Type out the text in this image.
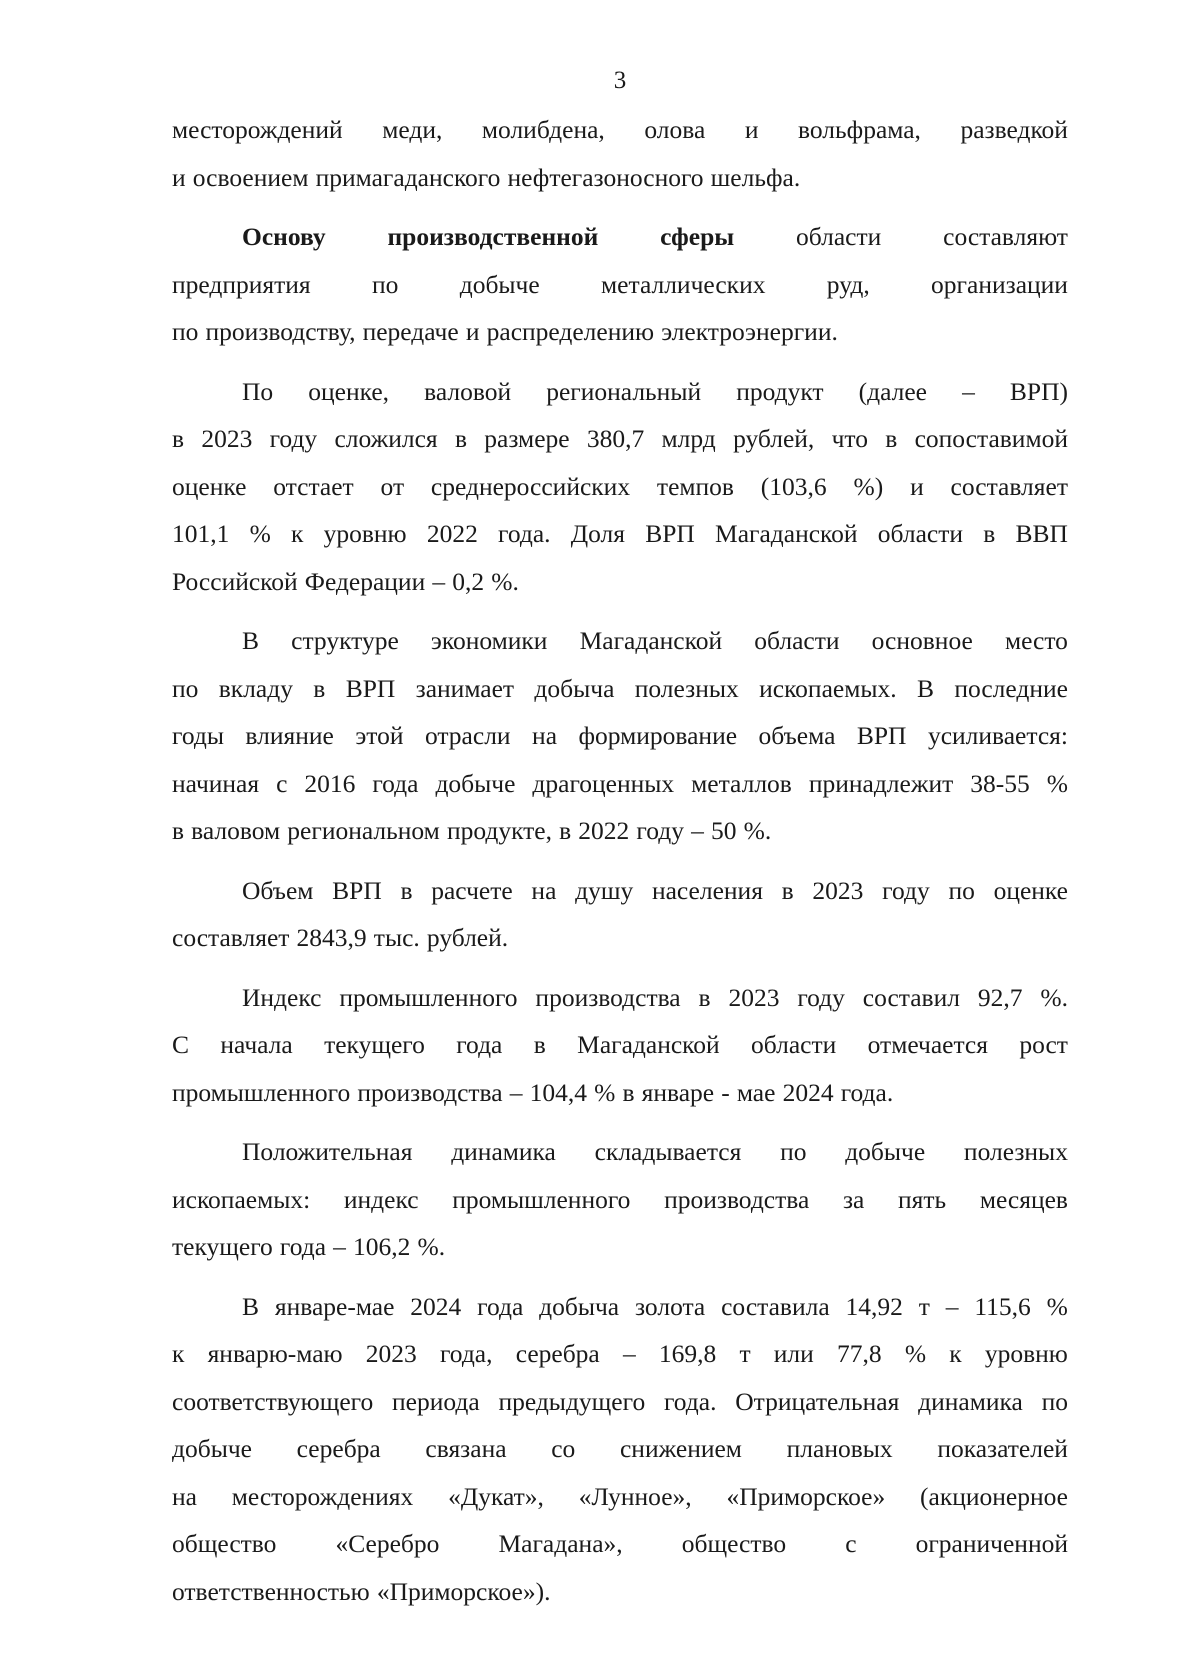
3
месторождений меди, молибдена, олова и вольфрама, разведкой
и освоением примагаданского нефтегазоносного шельфа.
Основу производственной сферы области составляют
предприятия по добыче металлических руд, организации
по производству, передаче и распределению электроэнергии.
По оценке, валовой региональный продукт (далее – ВРП)
в 2023 году сложился в размере 380,7 млрд рублей, что в сопоставимой
оценке отстает от среднероссийских темпов (103,6 %) и составляет
101,1 % к уровню 2022 года. Доля ВРП Магаданской области в ВВП
Российской Федерации – 0,2 %.
В структуре экономики Магаданской области основное место
по вкладу в ВРП занимает добыча полезных ископаемых. В последние
годы влияние этой отрасли на формирование объема ВРП усиливается:
начиная с 2016 года добыче драгоценных металлов принадлежит 38-55 %
в валовом региональном продукте, в 2022 году – 50 %.
Объем ВРП в расчете на душу населения в 2023 году по оценке
составляет 2843,9 тыс. рублей.
Индекс промышленного производства в 2023 году составил 92,7 %.
С начала текущего года в Магаданской области отмечается рост
промышленного производства – 104,4 % в январе - мае 2024 года.
Положительная динамика складывается по добыче полезных
ископаемых: индекс промышленного производства за пять месяцев
текущего года – 106,2 %.
В январе-мае 2024 года добыча золота составила 14,92 т – 115,6 %
к январю-маю 2023 года, серебра – 169,8 т или 77,8 % к уровню
соответствующего периода предыдущего года. Отрицательная динамика по
добыче серебра связана со снижением плановых показателей
на месторождениях «Дукат», «Лунное», «Приморское» (акционерное
общество «Серебро Магадана», общество с ограниченной
ответственностью «Приморское»).
